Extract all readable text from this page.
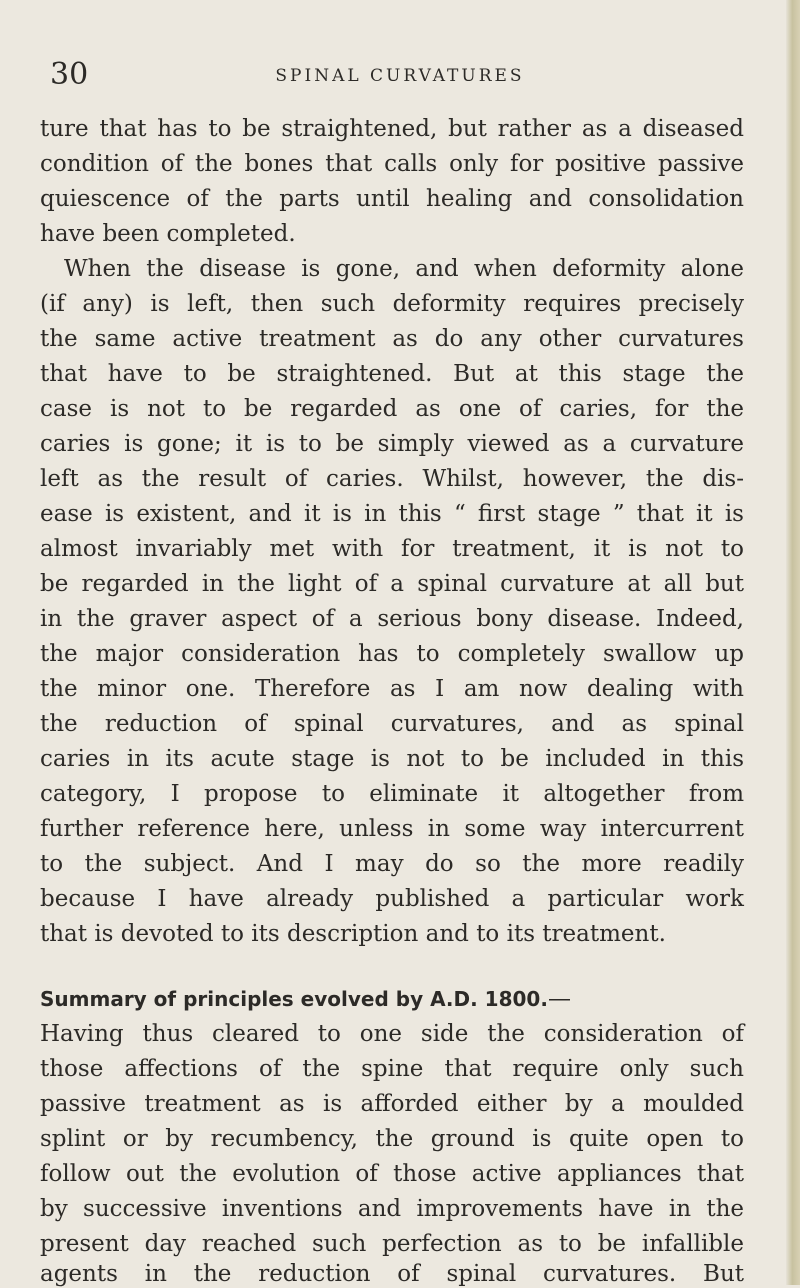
30	SPINAL CURVATURES
ture that has to be straightened, but rather as a diseased
condition of the bones that calls only for positive passive
quiescence of the parts until healing and consolidation
have been completed.
When the disease is gone, and when deformity alone
(if any) is left, then such deformity requires precisely
the same active treatment as do any other curvatures
that have to be straightened. But at this stage the
case is not to be regarded as one of caries, for the
caries is gone; it is to be simply viewed as a curvature
left as the result of caries. Whilst, however, the dis-
ease is existent, and it is in this “ first stage ” that it is
almost invariably met with for treatment, it is not to
be regarded in the light of a spinal curvature at all but
in the graver aspect of a serious bony disease. Indeed,
the major consideration has to completely swallow up
the minor one. Therefore as I am now dealing with
the reduction of spinal curvatures, and as spinal
caries in its acute stage is not to be included in this
category, I propose to eliminate it altogether from
further reference here, unless in some way intercurrent
to the subject. And I may do so the more readily
because I have already published a particular work
that is devoted to its description and to its treatment.
Summary of principles evolved by A.D. 1800.—
Having thus cleared to one side the consideration of
those affections of the spine that require only such
passive treatment as is afforded either by a moulded
splint or by recumbency, the ground is quite open to
follow out the evolution of those active appliances that
by successive inventions and improvements have in the
present day reached such perfection as to be infallible
agents in the reduction of spinal curvatures. But
